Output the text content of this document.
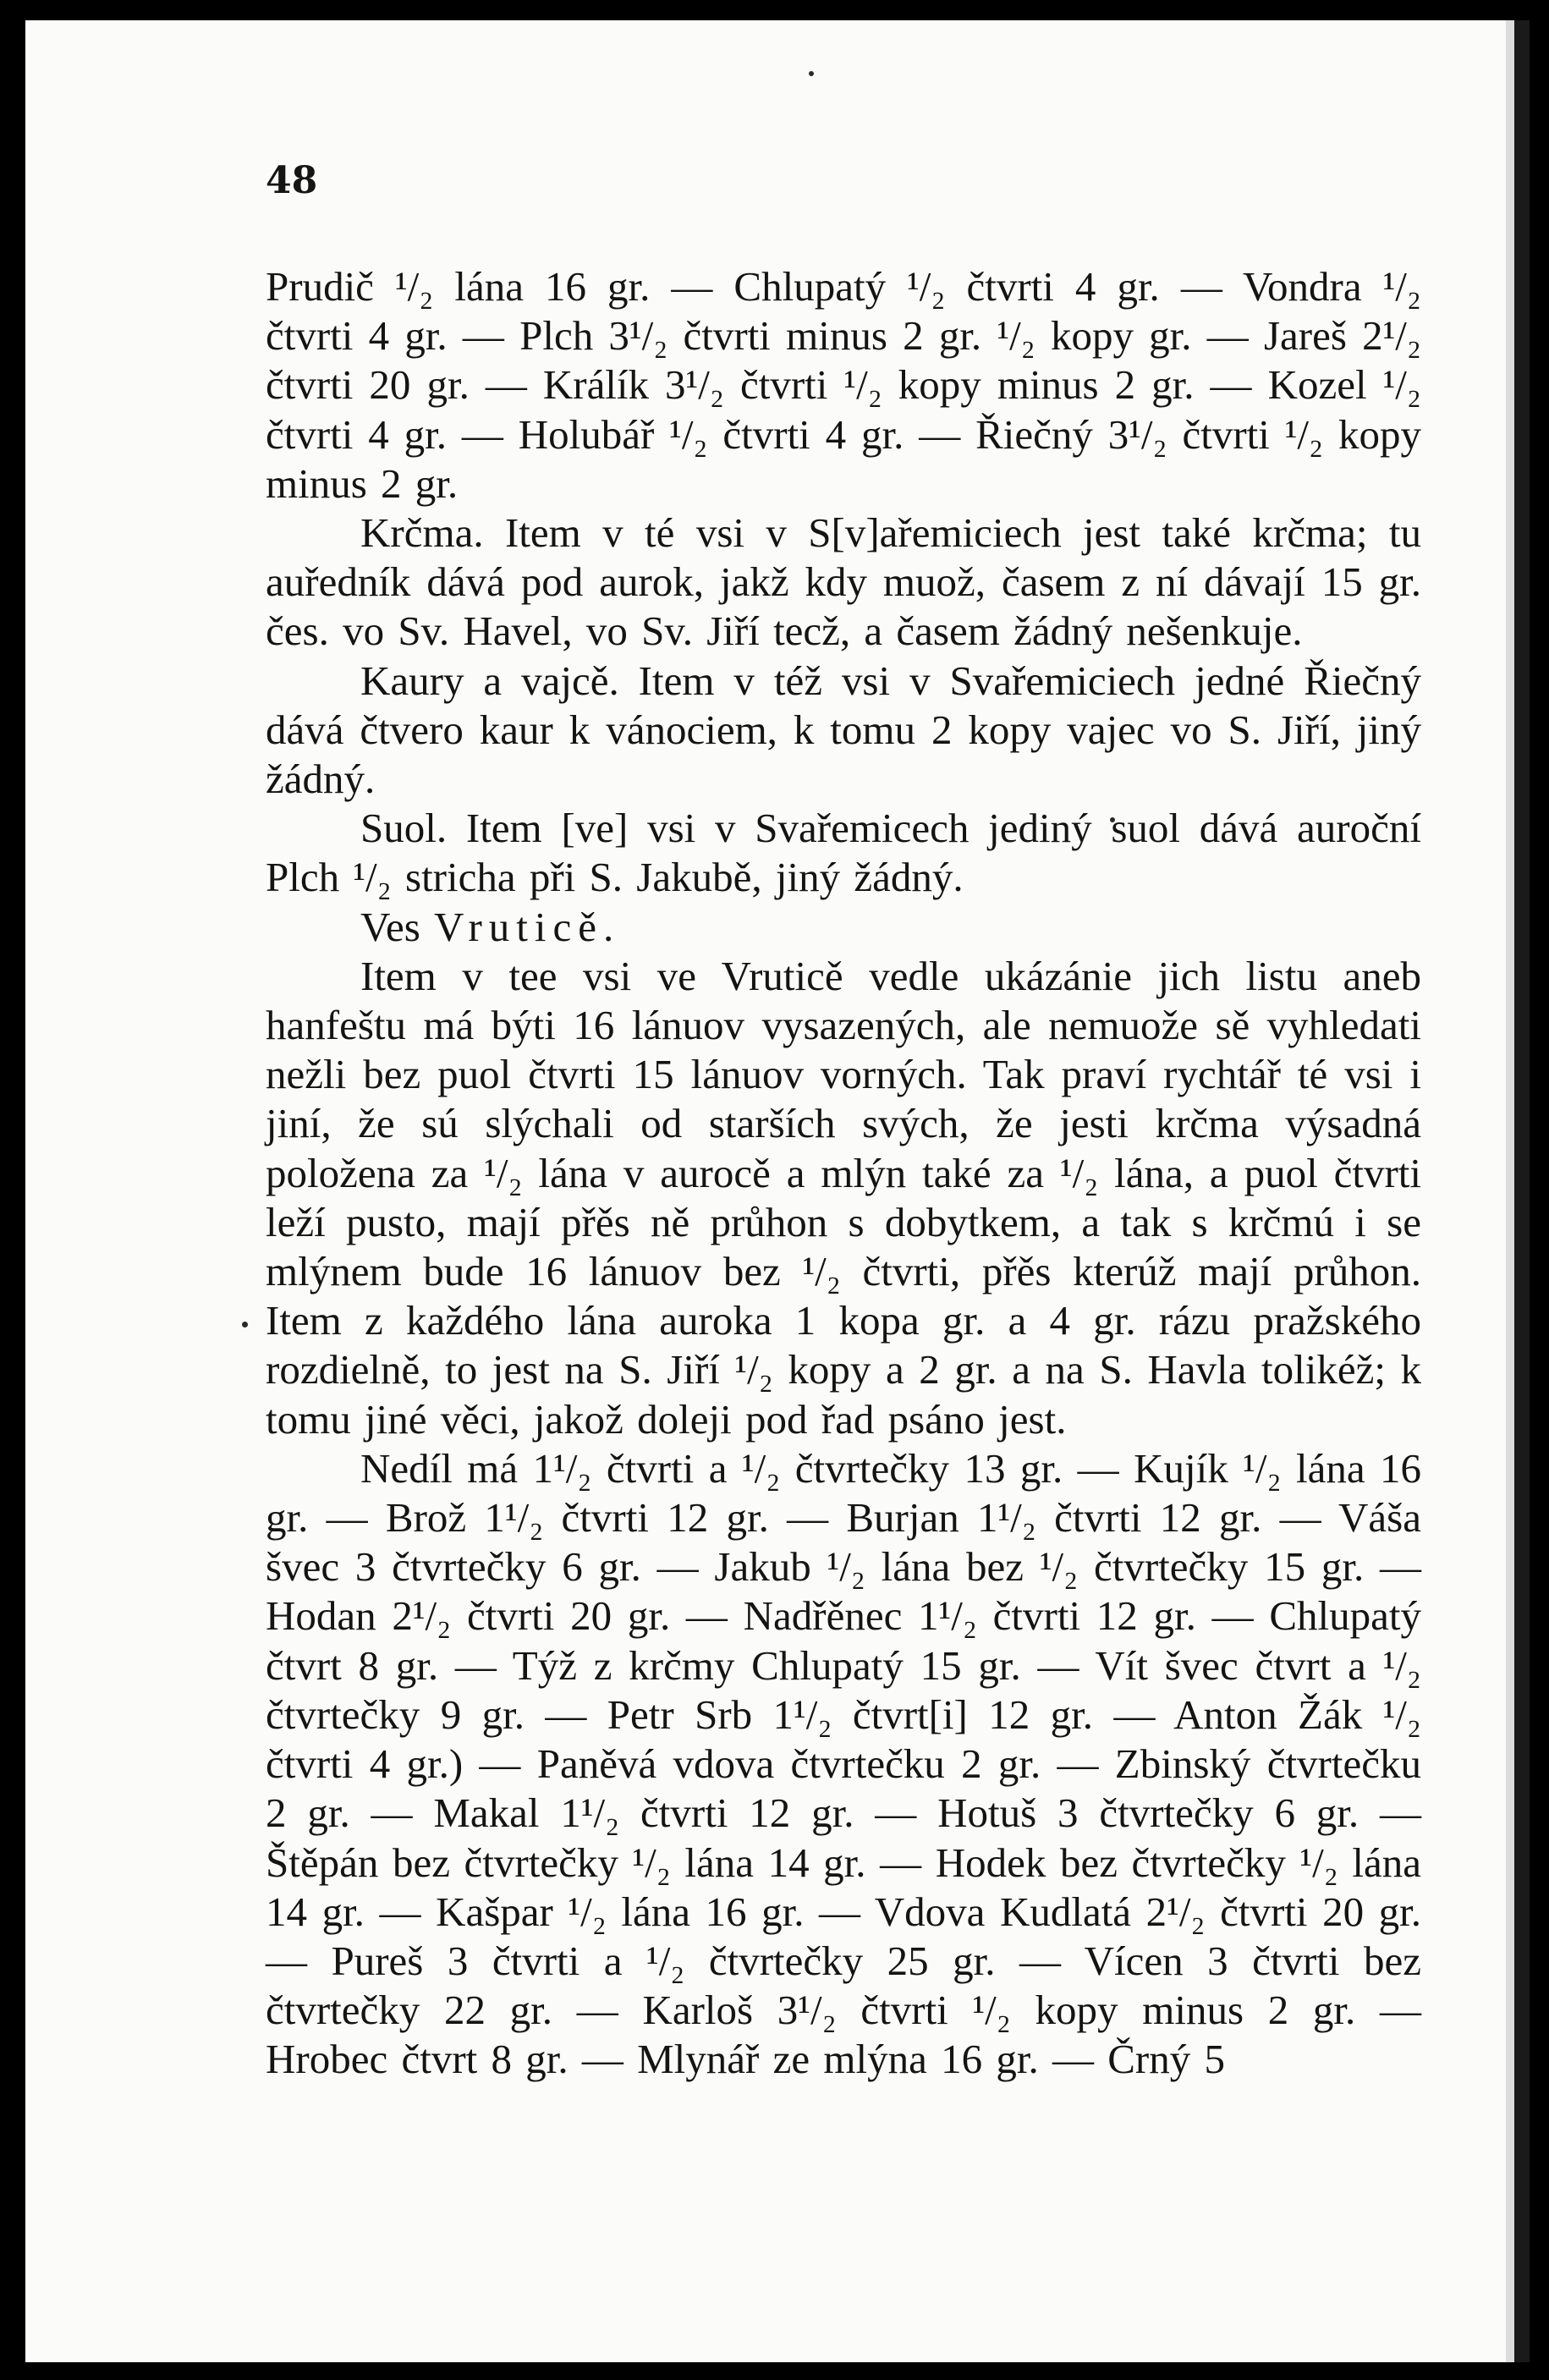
48

Prudič ¹/₂ lána 16 gr. — Chlupatý ¹/₂ čtvrti 4 gr. — Vondra ¹/₂ čtvrti 4 gr. — Plch 3¹/₂ čtvrti minus 2 gr. ¹/₂ kopy gr. — Jareš 2¹/₂ čtvrti 20 gr. — Králík 3¹/₂ čtvrti ¹/₂ kopy minus 2 gr. — Kozel ¹/₂ čtvrti 4 gr. — Holubář ¹/₂ čtvrti 4 gr. — Řiečný 3¹/₂ čtvrti ¹/₂ kopy minus 2 gr.

Krčma. Item v té vsi v S[v]ařemiciech jest také krčma; tu auředník dává pod aurok, jakž kdy muož, časem z ní dávají 15 gr. čes. vo Sv. Havel, vo Sv. Jiří tecž, a časem žádný nešenkuje.

Kaury a vajcě. Item v též vsi v Svařemiciech jedné Řiečný dává čtvero kaur k vánociem, k tomu 2 kopy vajec vo S. Jiří, jiný žádný.

Suol. Item [ve] vsi v Svařemicech jediný suol dává auroční Plch ¹/₂ stricha při S. Jakubě, jiný žádný.

Ves Vruticě.

Item v tee vsi ve Vruticě vedle ukázánie jich listu aneb hanfeštu má býti 16 lánuov vysazených, ale nemuože sě vyhledati nežli bez puol čtvrti 15 lánuov vorných. Tak praví rychtář té vsi i jiní, že sú slýchali od starších svých, že jesti krčma výsadná položena za ¹/₂ lána v aurocě a mlýn také za ¹/₂ lána, a puol čtvrti leží pusto, mají přěs ně průhon s dobytkem, a tak s krčmú i se mlýnem bude 16 lánuov bez ¹/₂ čtvrti, přěs kterúž mají průhon. Item z každého lána auroka 1 kopa gr. a 4 gr. rázu pražského rozdielně, to jest na S. Jiří ¹/₂ kopy a 2 gr. a na S. Havla tolikéž; k tomu jiné věci, jakož doleji pod řad psáno jest.

Nedíl má 1¹/₂ čtvrti a ¹/₂ čtvrtečky 13 gr. — Kujík ¹/₂ lána 16 gr. — Brož 1¹/₂ čtvrti 12 gr. — Burjan 1¹/₂ čtvrti 12 gr. — Váša švec 3 čtvrtečky 6 gr. — Jakub ¹/₂ lána bez ¹/₂ čtvrtečky 15 gr. — Hodan 2¹/₂ čtvrti 20 gr. — Nadřěnec 1¹/₂ čtvrti 12 gr. — Chlupatý čtvrt 8 gr. — Týž z krčmy Chlupatý 15 gr. — Vít švec čtvrt a ¹/₂ čtvrtečky 9 gr. — Petr Srb 1¹/₂ čtvrt[i] 12 gr. — Anton Žák ¹/₂ čtvrti 4 gr.) — Paněvá vdova čtvrtečku 2 gr. — Zbinský čtvrtečku 2 gr. — Makal 1¹/₂ čtvrti 12 gr. — Hotuš 3 čtvrtečky 6 gr. — Štěpán bez čtvrtečky ¹/₂ lána 14 gr. — Hodek bez čtvrtečky ¹/₂ lána 14 gr. — Kašpar ¹/₂ lána 16 gr. — Vdova Kudlatá 2¹/₂ čtvrti 20 gr. — Pureš 3 čtvrti a ¹/₂ čtvrtečky 25 gr. — Vícen 3 čtvrti bez čtvrtečky 22 gr. — Karloš 3¹/₂ čtvrti ¹/₂ kopy minus 2 gr. — Hrobec čtvrt 8 gr. — Mlynář ze mlýna 16 gr. — Črný 5
